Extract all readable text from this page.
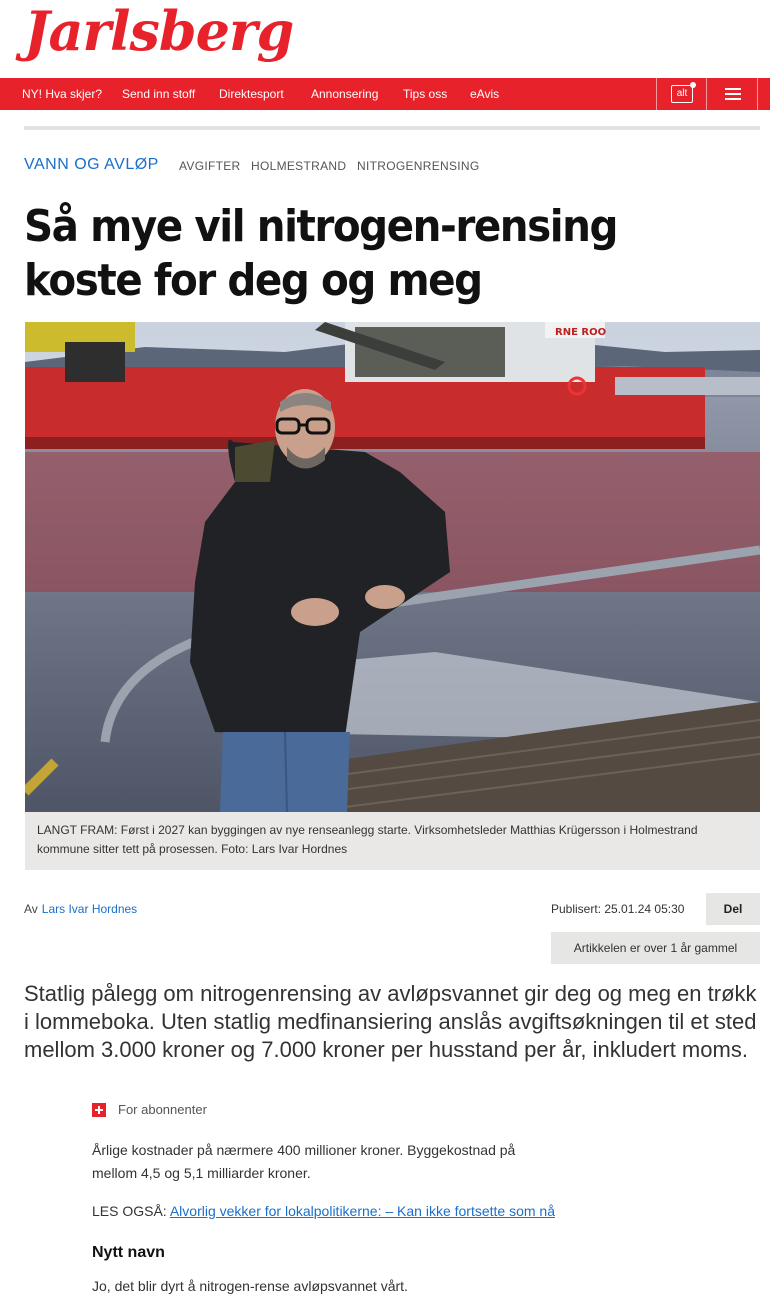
Jarlsberg
NY! Hva skjer? Send inn stoff Direktesport Annonsering Tips oss eAvis	alt
VANN OG AVLØP AVGIFTER HOLMESTRAND NITROGENRENSING
Så mye vil nitrogen-rensing
koste for deg og meg
RNE ROO
LANGT FRAM: Først i 2027 kan byggingen av nye renseanlegg starte. Virksomhetsleder Matthias Krügersson i Holmestrand kommune sitter tett på prosessen. Foto: Lars Ivar Hordnes
Av Lars Ivar Hordnes	Publisert: 25.01.24 05:30	Del
Artikkelen er over 1 år gammel

Statlig pålegg om nitrogenrensing av avløpsvannet gir deg og meg en trøkk i lommeboka. Uten statlig medfinansiering anslås avgiftsøkningen til et sted mellom 3.000 kroner og 7.000 kroner per husstand per år, inkludert moms.

For abonnenter

Årlige kostnader på nærmere 400 millioner kroner. Byggekostnad på mellom 4,5 og 5,1 milliarder kroner.

LES OGSÅ: Alvorlig vekker for lokalpolitikerne: – Kan ikke fortsette som nå
Nytt navn

Jo, det blir dyrt å nitrogen-rense avløpsvannet vårt.
